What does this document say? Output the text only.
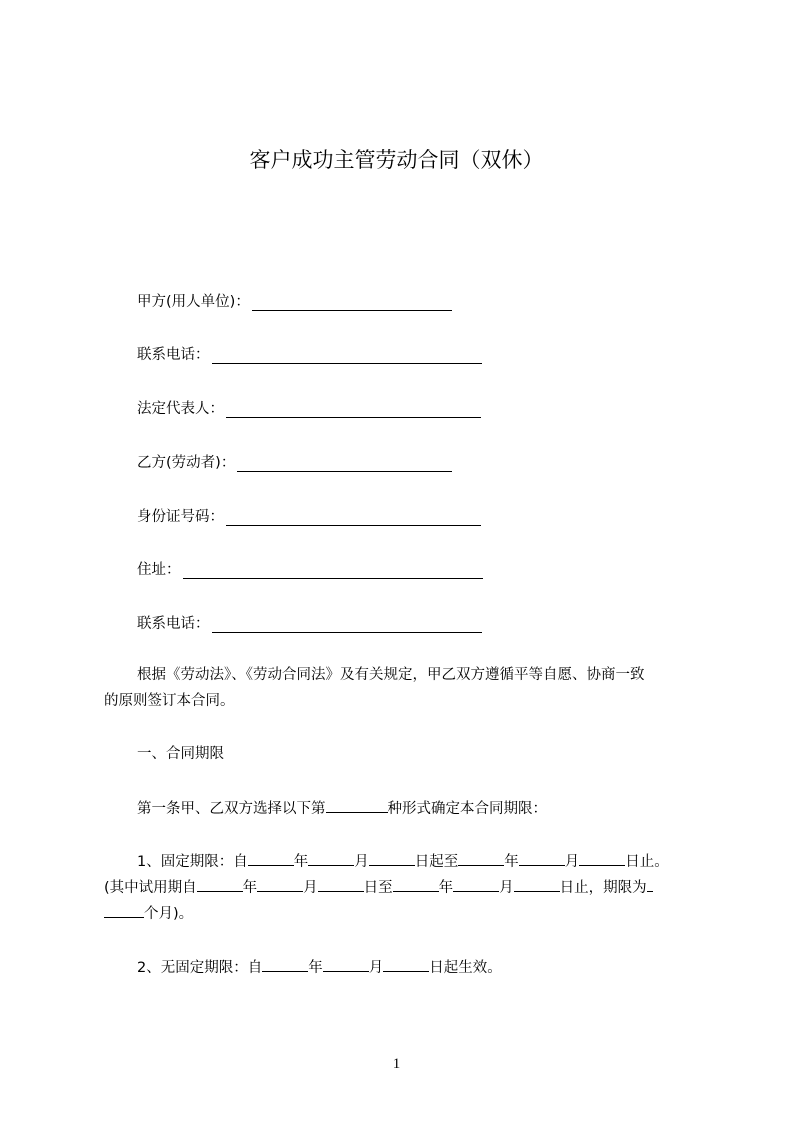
客户成功主管劳动合同（双休）
甲方(用人单位)：
联系电话：
法定代表人：
乙方(劳动者)：
身份证号码：
住址：
联系电话：
根据《劳动法》、《劳动合同法》及有关规定，甲乙双方遵循平等自愿、协商一致
的原则签订本合同。
一、合同期限
第一条甲、乙双方选择以下第	种形式确定本合同期限：
1、固定期限：自	年	月	日起至	年	月	日止。
(其中试用期自	年	月	日至	年	月	日止，期限为
个月)。
2、无固定期限：自	年	月	日起生效。
1
